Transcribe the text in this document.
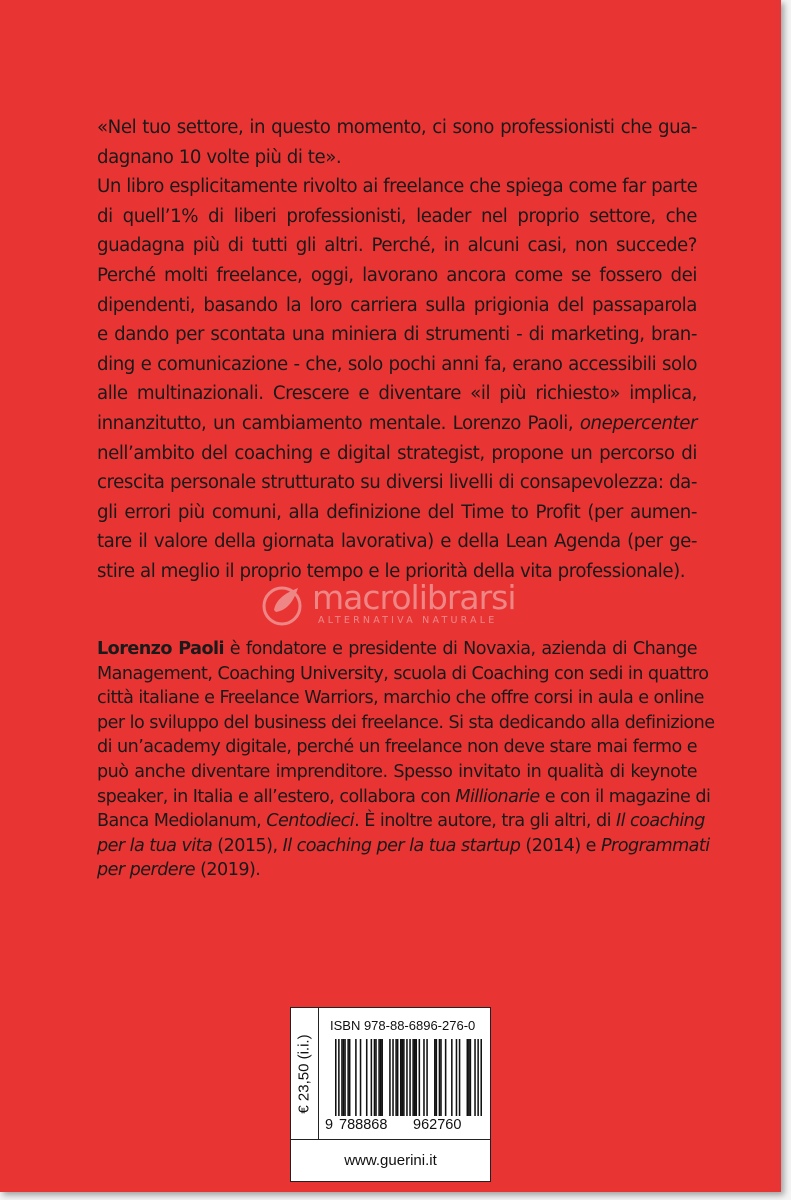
«Nel tuo settore, in questo momento, ci sono professionisti che gua-
dagnano 10 volte più di te».
Un libro esplicitamente rivolto ai freelance che spiega come far parte
di quell’1% di liberi professionisti, leader nel proprio settore, che
guadagna più di tutti gli altri. Perché, in alcuni casi, non succede?
Perché molti freelance, oggi, lavorano ancora come se fossero dei
dipendenti, basando la loro carriera sulla prigionia del passaparola
e dando per scontata una miniera di strumenti - di marketing, bran-
ding e comunicazione - che, solo pochi anni fa, erano accessibili solo
alle multinazionali. Crescere e diventare «il più richiesto» implica,
innanzitutto, un cambiamento mentale. Lorenzo Paoli, onepercenter
nell’ambito del coaching e digital strategist, propone un percorso di
crescita personale strutturato su diversi livelli di consapevolezza: da-
gli errori più comuni, alla definizione del Time to Profit (per aumen-
tare il valore della giornata lavorativa) e della Lean Agenda (per ge-
stire al meglio il proprio tempo e le priorità della vita professionale).
macrolibrarsi
ALTERNATIVA NATURALE
Lorenzo Paoli è fondatore e presidente di Novaxia, azienda di Change
Management, Coaching University, scuola di Coaching con sedi in quattro
città italiane e Freelance Warriors, marchio che offre corsi in aula e online
per lo sviluppo del business dei freelance. Si sta dedicando alla definizione
di un’academy digitale, perché un freelance non deve stare mai fermo e
può anche diventare imprenditore. Spesso invitato in qualità di keynote
speaker, in Italia e all’estero, collabora con Millionarie e con il magazine di
Banca Mediolanum, Centodieci. È inoltre autore, tra gli altri, di Il coaching
per la tua vita (2015), Il coaching per la tua startup (2014) e Programmati
per perdere (2019).
€ 23,50 (i.i.)
ISBN 978-88-6896-276-0
9 788868 962760
www.guerini.it
